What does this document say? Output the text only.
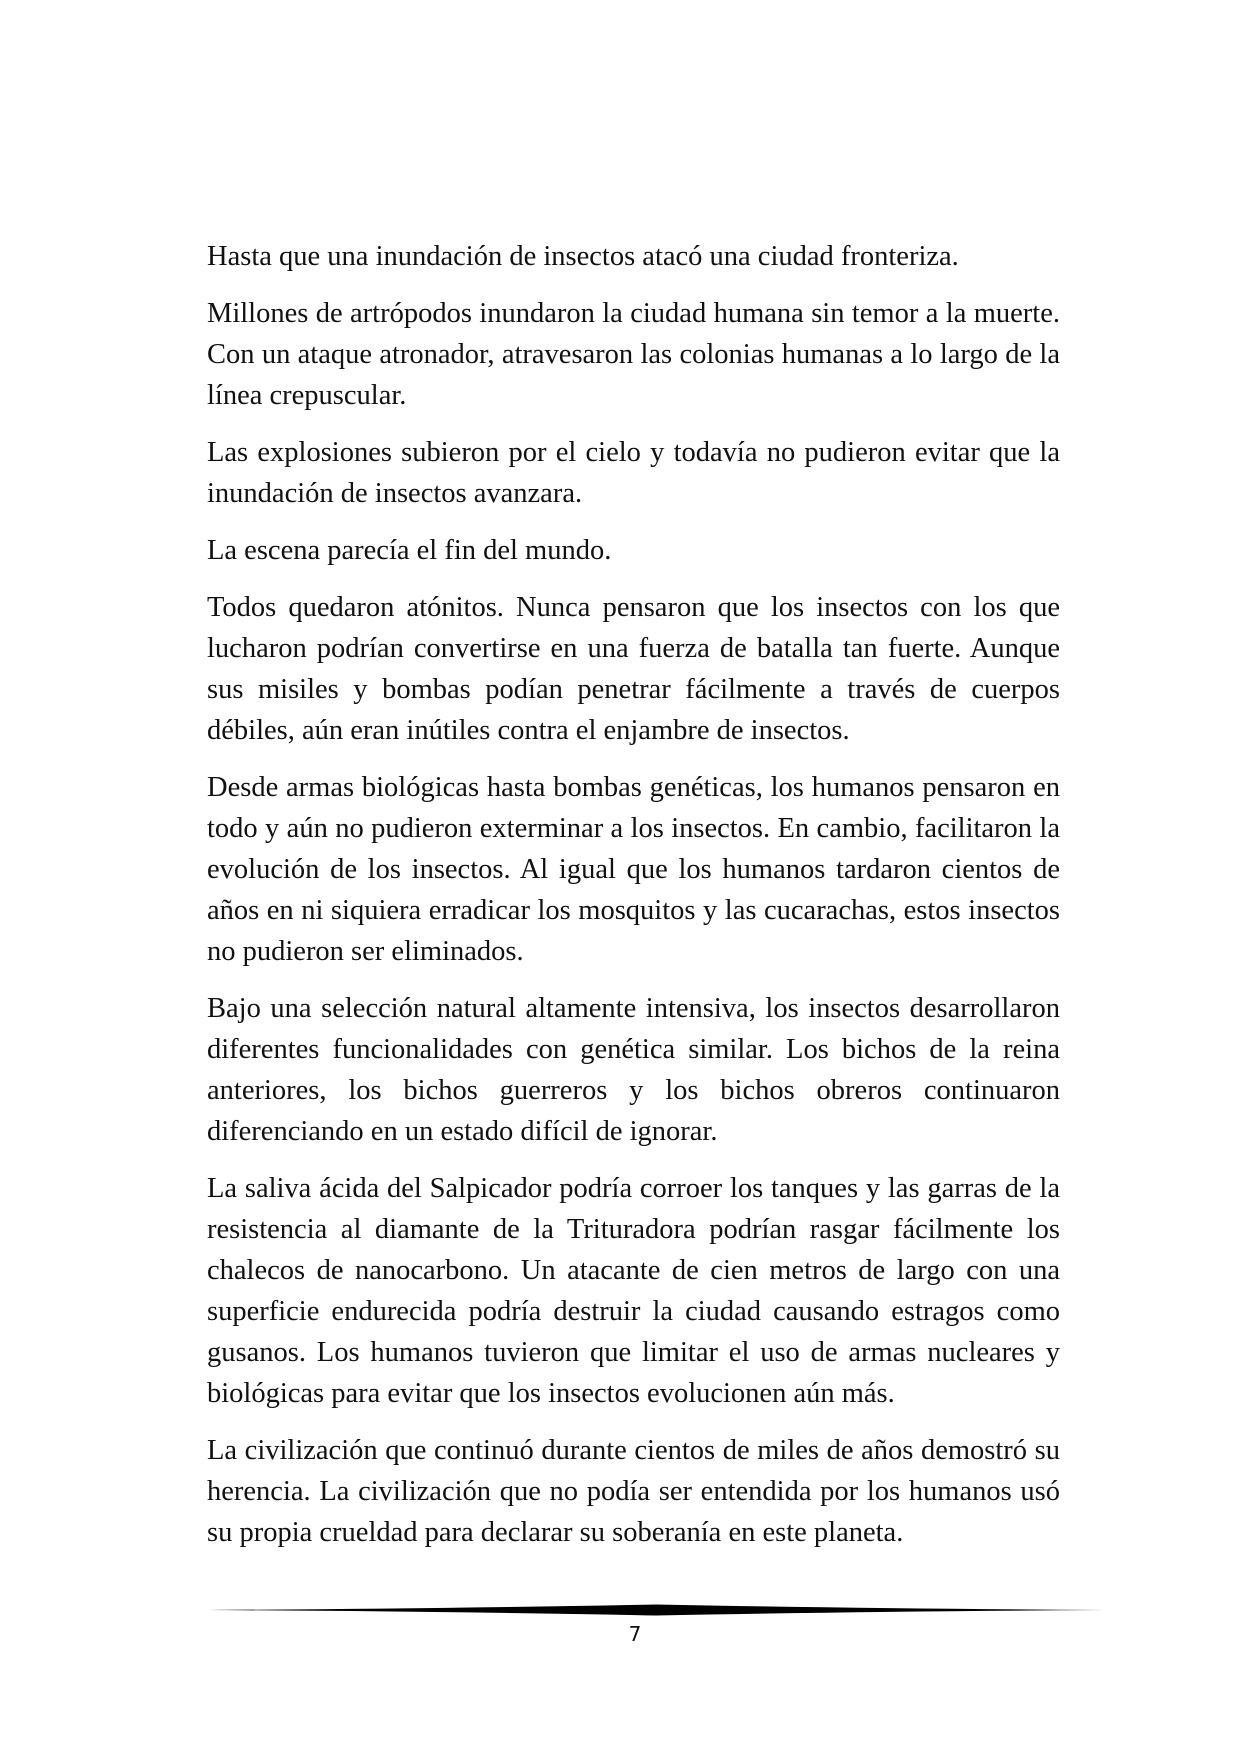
Hasta que una inundación de insectos atacó una ciudad fronteriza.

Millones de artrópodos inundaron la ciudad humana sin temor a la muerte. Con un ataque atronador, atravesaron las colonias humanas a lo largo de la línea crepuscular.

Las explosiones subieron por el cielo y todavía no pudieron evitar que la inundación de insectos avanzara.

La escena parecía el fin del mundo.

Todos quedaron atónitos. Nunca pensaron que los insectos con los que lucharon podrían convertirse en una fuerza de batalla tan fuerte. Aunque sus misiles y bombas podían penetrar fácilmente a través de cuerpos débiles, aún eran inútiles contra el enjambre de insectos.

Desde armas biológicas hasta bombas genéticas, los humanos pensaron en todo y aún no pudieron exterminar a los insectos. En cambio, facilitaron la evolución de los insectos. Al igual que los humanos tardaron cientos de años en ni siquiera erradicar los mosquitos y las cucarachas, estos insectos no pudieron ser eliminados.

Bajo una selección natural altamente intensiva, los insectos desarrollaron diferentes funcionalidades con genética similar. Los bichos de la reina anteriores, los bichos guerreros y los bichos obreros continuaron diferenciando en un estado difícil de ignorar.

La saliva ácida del Salpicador podría corroer los tanques y las garras de la resistencia al diamante de la Trituradora podrían rasgar fácilmente los chalecos de nanocarbono. Un atacante de cien metros de largo con una superficie endurecida podría destruir la ciudad causando estragos como gusanos. Los humanos tuvieron que limitar el uso de armas nucleares y biológicas para evitar que los insectos evolucionen aún más.

La civilización que continuó durante cientos de miles de años demostró su herencia. La civilización que no podía ser entendida por los humanos usó su propia crueldad para declarar su soberanía en este planeta.

7
